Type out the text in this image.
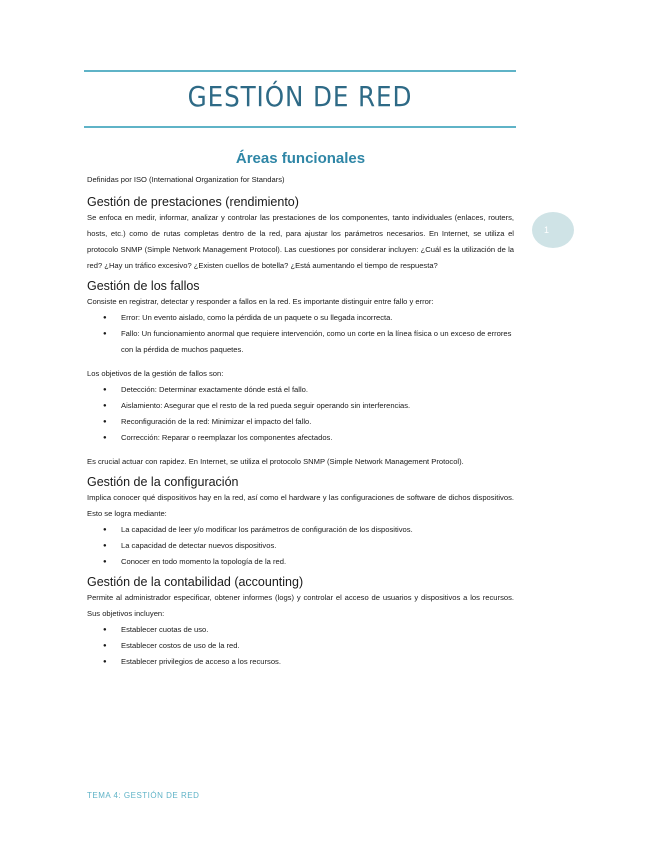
GESTIÓN DE RED
1
Áreas funcionales

Definidas por ISO (International Organization for Standars)

Gestión de prestaciones (rendimiento)

Se enfoca en medir, informar, analizar y controlar las prestaciones de los componentes, tanto individuales (enlaces, routers, hosts, etc.) como de rutas completas dentro de la red, para ajustar los parámetros necesarios. En Internet, se utiliza el protocolo SNMP (Simple Network Management Protocol). Las cuestiones por considerar incluyen: ¿Cuál es la utilización de la red? ¿Hay un tráfico excesivo? ¿Existen cuellos de botella? ¿Está aumentando el tiempo de respuesta?

Gestión de los fallos

Consiste en registrar, detectar y responder a fallos en la red. Es importante distinguir entre fallo y error:

● Error: Un evento aislado, como la pérdida de un paquete o su llegada incorrecta.
● Fallo: Un funcionamiento anormal que requiere intervención, como un corte en la línea física o un exceso de errores con la pérdida de muchos paquetes.

Los objetivos de la gestión de fallos son:

● Detección: Determinar exactamente dónde está el fallo.
● Aislamiento: Asegurar que el resto de la red pueda seguir operando sin interferencias.
● Reconfiguración de la red: Minimizar el impacto del fallo.
● Corrección: Reparar o reemplazar los componentes afectados.

Es crucial actuar con rapidez. En Internet, se utiliza el protocolo SNMP (Simple Network Management Protocol).

Gestión de la configuración

Implica conocer qué dispositivos hay en la red, así como el hardware y las configuraciones de software de dichos dispositivos. Esto se logra mediante:

● La capacidad de leer y/o modificar los parámetros de configuración de los dispositivos.
● La capacidad de detectar nuevos dispositivos.
● Conocer en todo momento la topología de la red.
Gestión de la contabilidad (accounting)

Permite al administrador especificar, obtener informes (logs) y controlar el acceso de usuarios y dispositivos a los recursos. Sus objetivos incluyen:

● Establecer cuotas de uso.
● Establecer costos de uso de la red.
● Establecer privilegios de acceso a los recursos.
TEMA 4: GESTIÓN DE RED
